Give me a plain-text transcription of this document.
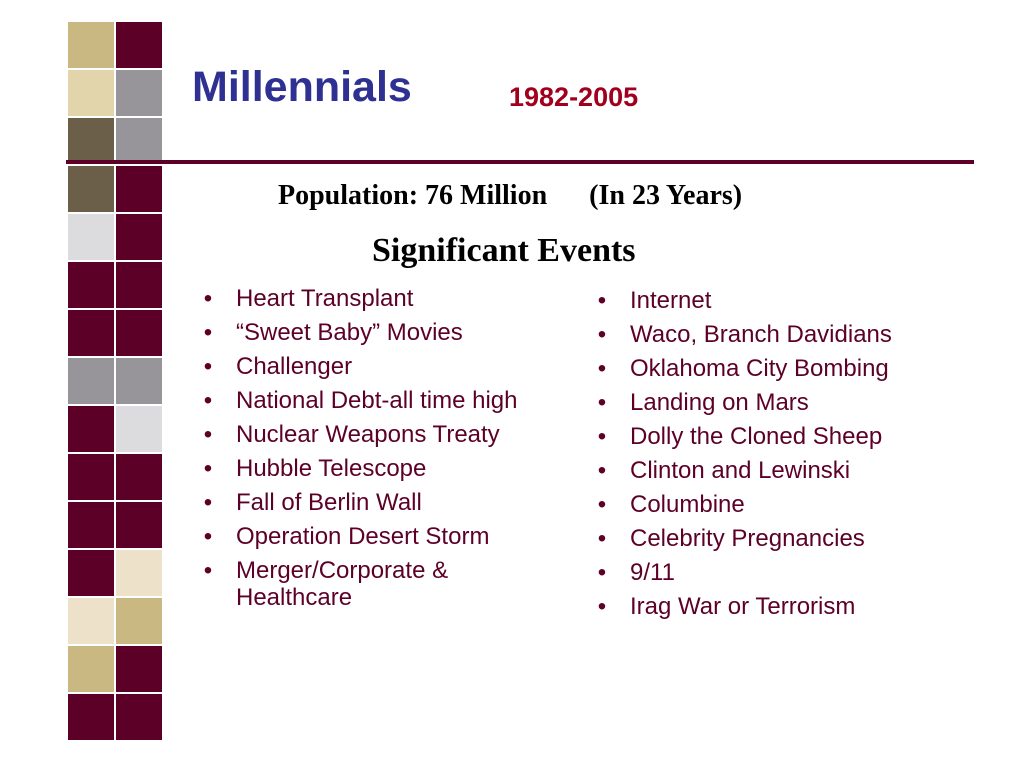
Millennials	1982-2005
Population: 76 Million      (In 23 Years)
Significant Events
• Heart Transplant
• “Sweet Baby” Movies
• Challenger
• National Debt-all time high
• Nuclear Weapons Treaty
• Hubble Telescope
• Fall of Berlin Wall
• Operation Desert Storm
• Merger/Corporate & Healthcare
• Internet
• Waco, Branch Davidians
• Oklahoma City Bombing
• Landing on Mars
• Dolly the Cloned Sheep
• Clinton and Lewinski
• Columbine
• Celebrity Pregnancies
• 9/11
• Irag War or Terrorism
